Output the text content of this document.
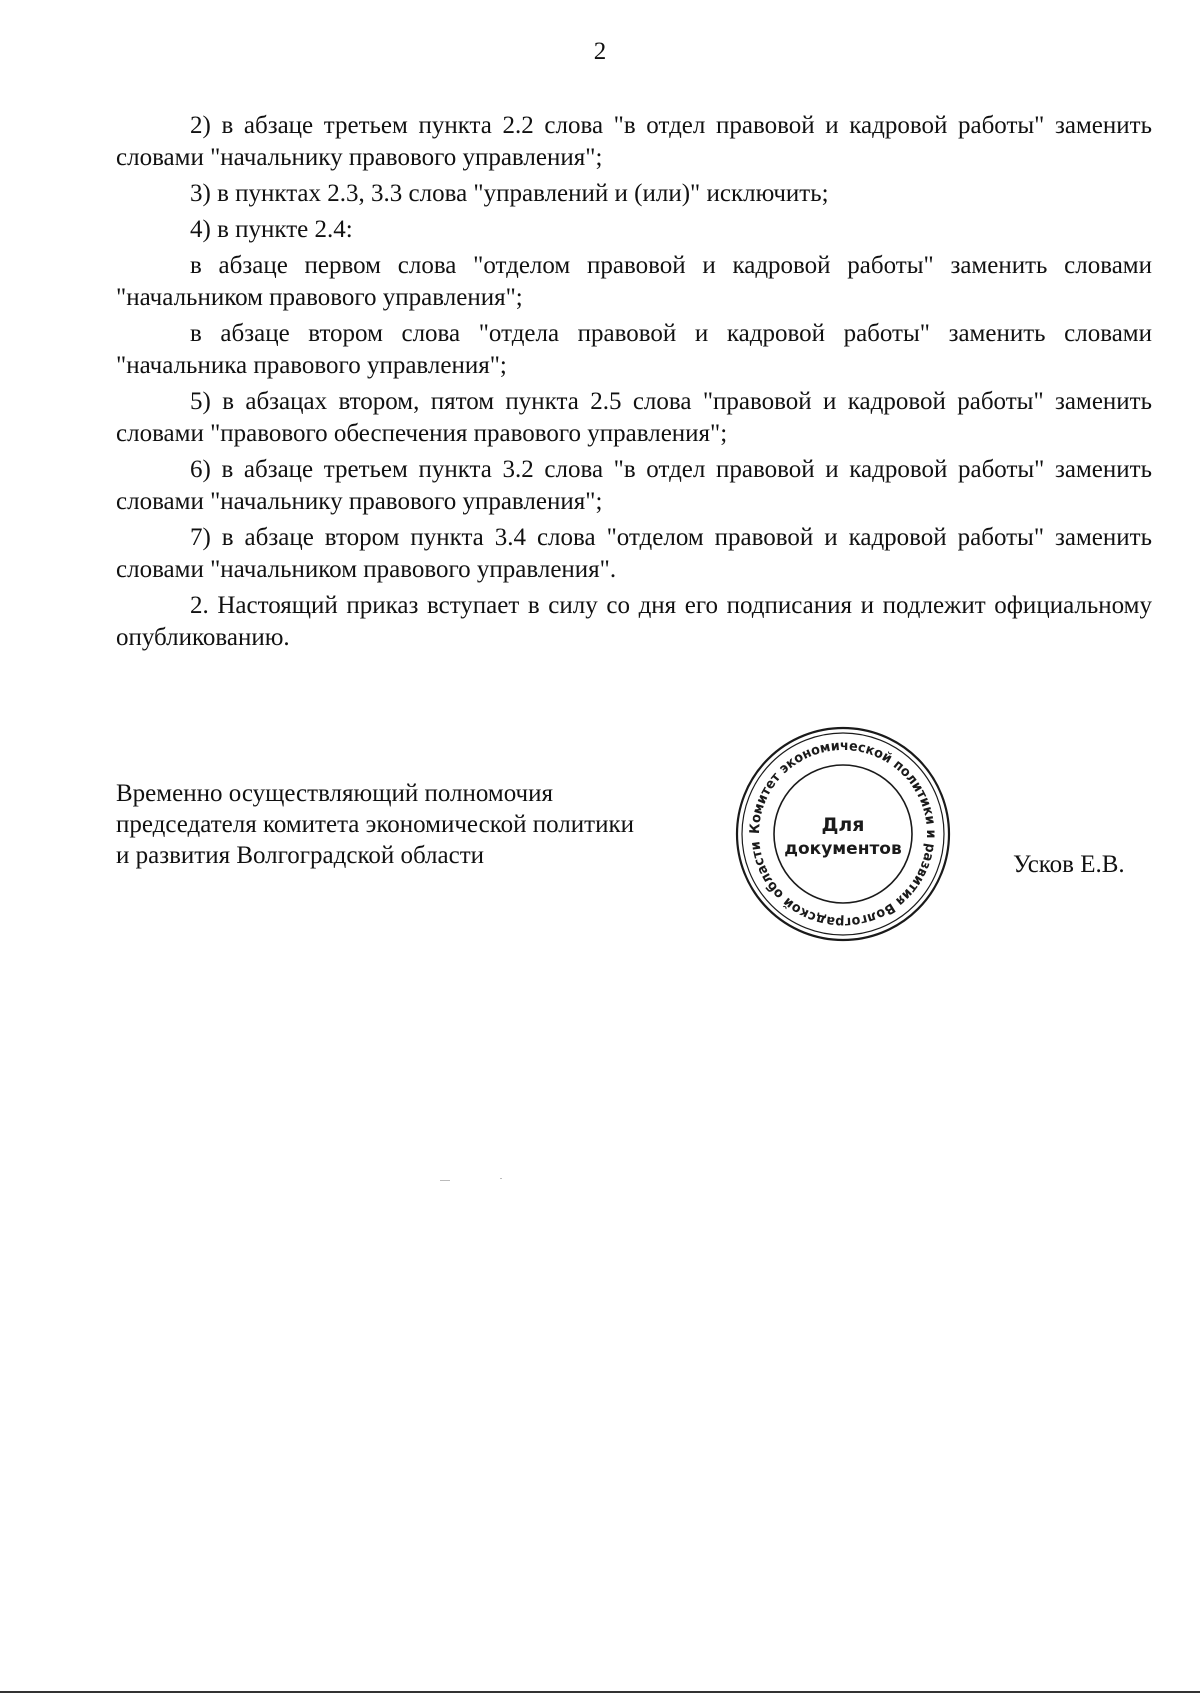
2

2) в абзаце третьем пункта 2.2 слова "в отдел правовой и кадровой работы" заменить словами "начальнику правового управления";

3) в пунктах 2.3, 3.3 слова "управлений и (или)" исключить;

4) в пункте 2.4:

в абзаце первом слова "отделом правовой и кадровой работы" заменить словами "начальником правового управления";

в абзаце втором слова "отдела правовой и кадровой работы" заменить словами "начальника правового управления";

5) в абзацах втором, пятом пункта 2.5 слова "правовой и кадровой работы" заменить словами "правового обеспечения правового управления";

6) в абзаце третьем пункта 3.2 слова "в отдел правовой и кадровой работы" заменить словами "начальнику правового управления";

7) в абзаце втором пункта 3.4 слова "отделом правовой и кадровой работы" заменить словами "начальником правового управления".

2. Настоящий приказ вступает в силу со дня его подписания и подлежит официальному опубликованию.

Временно осуществляющий полномочия
председателя комитета экономической политики
и развития Волгоградской области
Комитет экономической политики и развития Волгоградской области
Для
документов
Усков Е.В.
